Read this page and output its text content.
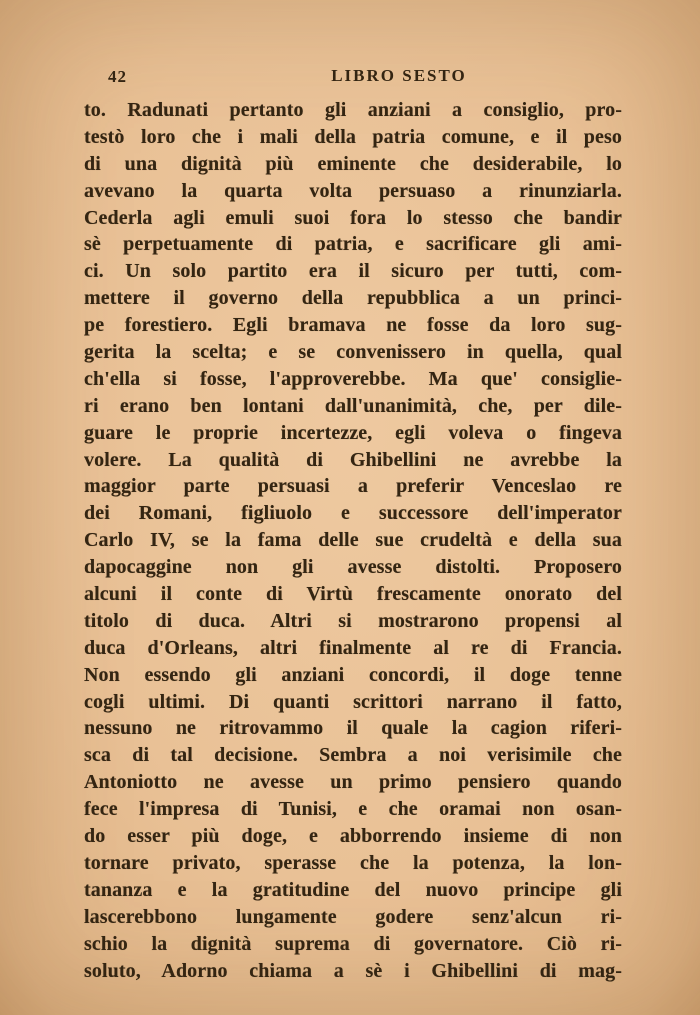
42	LIBRO SESTO
to. Radunati pertanto gli anziani a consiglio, pro-
testò loro che i mali della patria comune, e il peso
di una dignità più eminente che desiderabile, lo
avevano la quarta volta persuaso a rinunziarla.
Cederla agli emuli suoi fora lo stesso che bandir
sè perpetuamente di patria, e sacrificare gli ami-
ci. Un solo partito era il sicuro per tutti, com-
mettere il governo della repubblica a un princi-
pe forestiero. Egli bramava ne fosse da loro sug-
gerita la scelta; e se convenissero in quella, qual
ch'ella si fosse, l'approverebbe. Ma que' consiglie-
ri erano ben lontani dall'unanimità, che, per dile-
guare le proprie incertezze, egli voleva o fingeva
volere. La qualità di Ghibellini ne avrebbe la
maggior parte persuasi a preferir Venceslao re
dei Romani, figliuolo e successore dell'imperator
Carlo IV, se la fama delle sue crudeltà e della sua
dapocaggine non gli avesse distolti. Proposero
alcuni il conte di Virtù frescamente onorato del
titolo di duca. Altri si mostrarono propensi al
duca d'Orleans, altri finalmente al re di Francia.
Non essendo gli anziani concordi, il doge tenne
cogli ultimi. Di quanti scrittori narrano il fatto,
nessuno ne ritrovammo il quale la cagion riferi-
sca di tal decisione. Sembra a noi verisimile che
Antoniotto ne avesse un primo pensiero quando
fece l'impresa di Tunisi, e che oramai non osan-
do esser più doge, e abborrendo insieme di non
tornare privato, sperasse che la potenza, la lon-
tananza e la gratitudine del nuovo principe gli
lascerebbono lungamente godere senz'alcun ri-
schio la dignità suprema di governatore. Ciò ri-
soluto, Adorno chiama a sè i Ghibellini di mag-
